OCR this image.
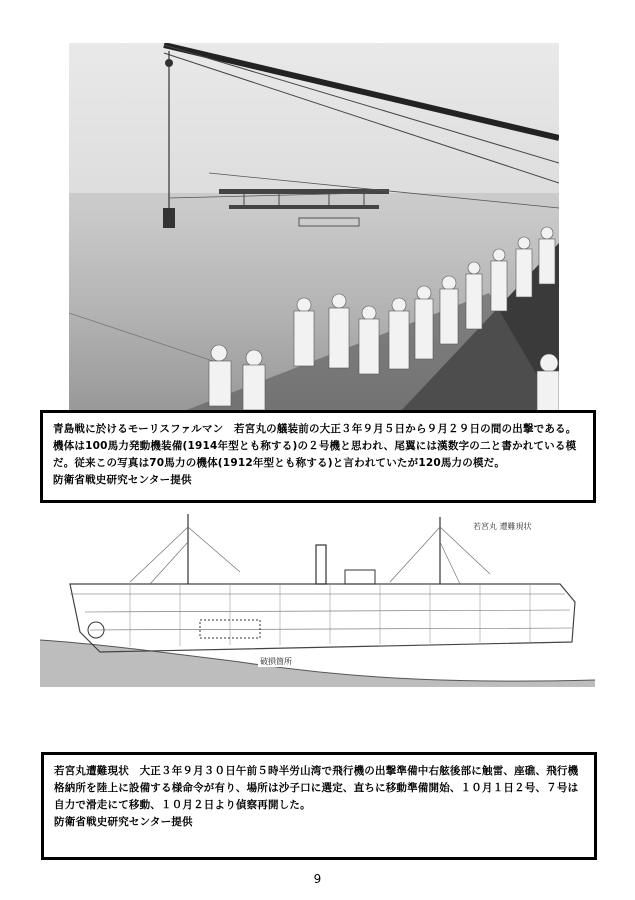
青島戦に於けるモーリスファルマン　若宮丸の艤装前の大正３年９月５日から９月２９日の間の出撃である。機体は100馬力発動機装備(1914年型とも称する)の２号機と思われ、尾翼には漢数字の二と書かれている模だ。従来この写真は70馬力の機体(1912年型とも称する)と言われていたが120馬力の模だ。

防衛省戦史研究センター提供

若宮丸 遭難現状
破損箇所

若宮丸遭難現状　大正３年９月３０日午前５時半労山湾で飛行機の出撃準備中右舷後部に触雷、座礁、飛行機格納所を陸上に設備する様命令が有り、場所は沙子口に選定、直ちに移動準備開始、１０月１日２号、７号は自力で滑走にて移動、１０月２日より偵察再開した。

防衛省戦史研究センター提供

9
